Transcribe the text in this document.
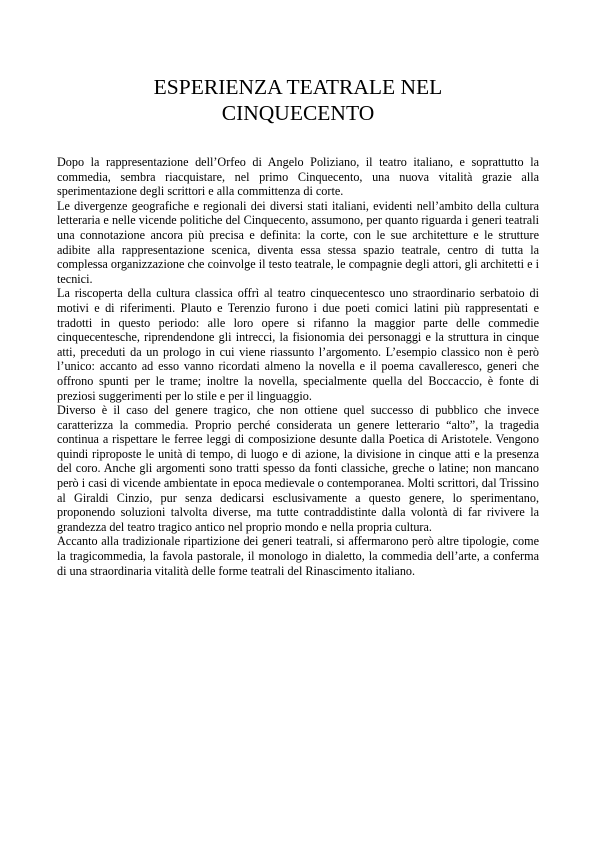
ESPERIENZA TEATRALE NEL
CINQUECENTO

Dopo la rappresentazione dell’Orfeo di Angelo Poliziano, il teatro italiano, e soprattutto la commedia, sembra riacquistare, nel primo Cinquecento, una nuova vitalità grazie alla sperimentazione degli scrittori e alla committenza di corte.

Le divergenze geografiche e regionali dei diversi stati italiani, evidenti nell’ambito della cultura letteraria e nelle vicende politiche del Cinquecento, assumono, per quanto riguarda i generi teatrali una connotazione ancora più precisa e definita: la corte, con le sue architetture e le strutture adibite alla rappresentazione scenica, diventa essa stessa spazio teatrale, centro di tutta la complessa organizzazione che coinvolge il testo teatrale, le compagnie degli attori, gli architetti e i tecnici.

La riscoperta della cultura classica offrì al teatro cinquecentesco uno straordinario serbatoio di motivi e di riferimenti. Plauto e Terenzio furono i due poeti comici latini più rappresentati e tradotti in questo periodo: alle loro opere si rifanno la maggior parte delle commedie cinquecentesche, riprendendone gli intrecci, la fisionomia dei personaggi e la struttura in cinque atti, preceduti da un prologo in cui viene riassunto l’argomento. L’esempio classico non è però l’unico: accanto ad esso vanno ricordati almeno la novella e il poema cavalleresco, generi che offrono spunti per le trame; inoltre la novella, specialmente quella del Boccaccio, è fonte di preziosi suggerimenti per lo stile e per il linguaggio.

Diverso è il caso del genere tragico, che non ottiene quel successo di pubblico che invece caratterizza la commedia. Proprio perché considerata un genere letterario “alto”, la tragedia continua a rispettare le ferree leggi di composizione desunte dalla Poetica di Aristotele. Vengono quindi riproposte le unità di tempo, di luogo e di azione, la divisione in cinque atti e la presenza del coro. Anche gli argomenti sono tratti spesso da fonti classiche, greche o latine; non mancano però i casi di vicende ambientate in epoca medievale o contemporanea. Molti scrittori, dal Trissino al Giraldi Cinzio, pur senza dedicarsi esclusivamente a questo genere, lo sperimentano, proponendo soluzioni talvolta diverse, ma tutte contraddistinte dalla volontà di far rivivere la grandezza del teatro tragico antico nel proprio mondo e nella propria cultura.

Accanto alla tradizionale ripartizione dei generi teatrali, si affermarono però altre tipologie, come la tragicommedia, la favola pastorale, il monologo in dialetto, la commedia dell’arte, a conferma di una straordinaria vitalità delle forme teatrali del Rinascimento italiano.
